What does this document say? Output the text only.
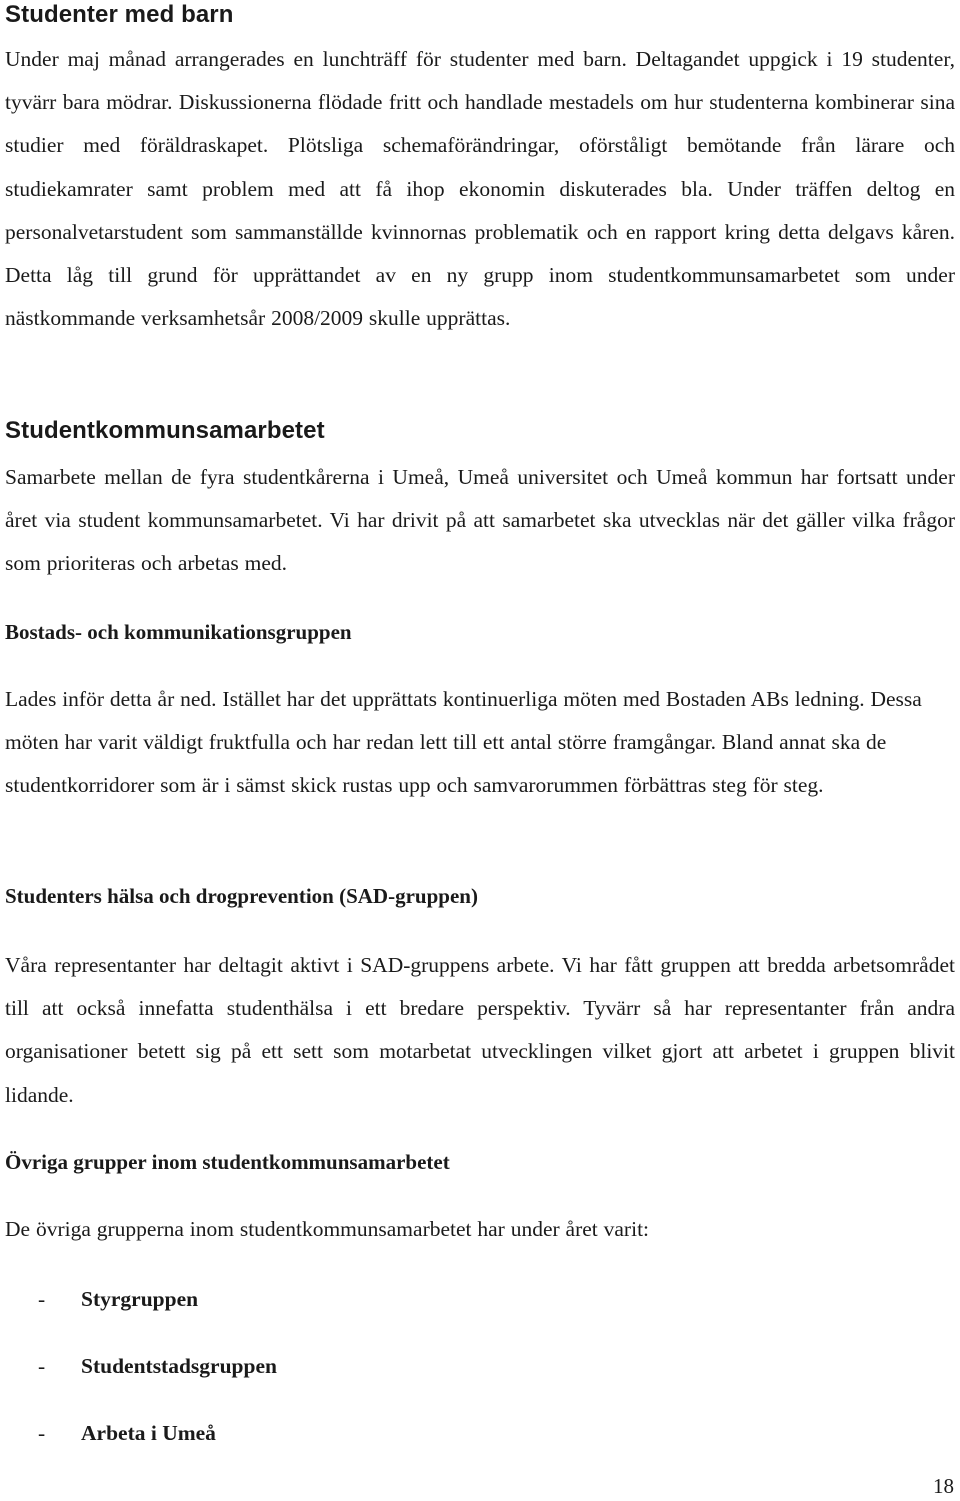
Studenter med barn

Under maj månad arrangerades en lunchträff för studenter med barn. Deltagandet uppgick i 19 studenter, tyvärr bara mödrar. Diskussionerna flödade fritt och handlade mestadels om hur studenterna kombinerar sina studier med föräldraskapet. Plötsliga schemaförändringar, oförståligt bemötande från lärare och studiekamrater samt problem med att få ihop ekonomin diskuterades bla. Under träffen deltog en personalvetarstudent som sammanställde kvinnornas problematik och en rapport kring detta delgavs kåren. Detta låg till grund för upprättandet av en ny grupp inom studentkommunsamarbetet som under nästkommande verksamhetsår 2008/2009 skulle upprättas.

Studentkommunsamarbetet

Samarbete mellan de fyra studentkårerna i Umeå, Umeå universitet och Umeå kommun har fortsatt under året via student kommunsamarbetet. Vi har drivit på att samarbetet ska utvecklas när det gäller vilka frågor som prioriteras och arbetas med.

Bostads- och kommunikationsgruppen

Lades inför detta år ned. Istället har det upprättats kontinuerliga möten med Bostaden ABs ledning. Dessa möten har varit väldigt fruktfulla och har redan lett till ett antal större framgångar. Bland annat ska de studentkorridorer som är i sämst skick rustas upp och samvarorummen förbättras steg för steg.

Studenters hälsa och drogprevention (SAD-gruppen)

Våra representanter har deltagit aktivt i SAD-gruppens arbete. Vi har fått gruppen att bredda arbetsområdet till att också innefatta studenthälsa i ett bredare perspektiv. Tyvärr så har representanter från andra organisationer betett sig på ett sett som motarbetat utvecklingen vilket gjort att arbetet i gruppen blivit lidande.

Övriga grupper inom studentkommunsamarbetet

De övriga grupperna inom studentkommunsamarbetet har under året varit:

- Styrgruppen
- Studentstadsgruppen
- Arbeta i Umeå
18
